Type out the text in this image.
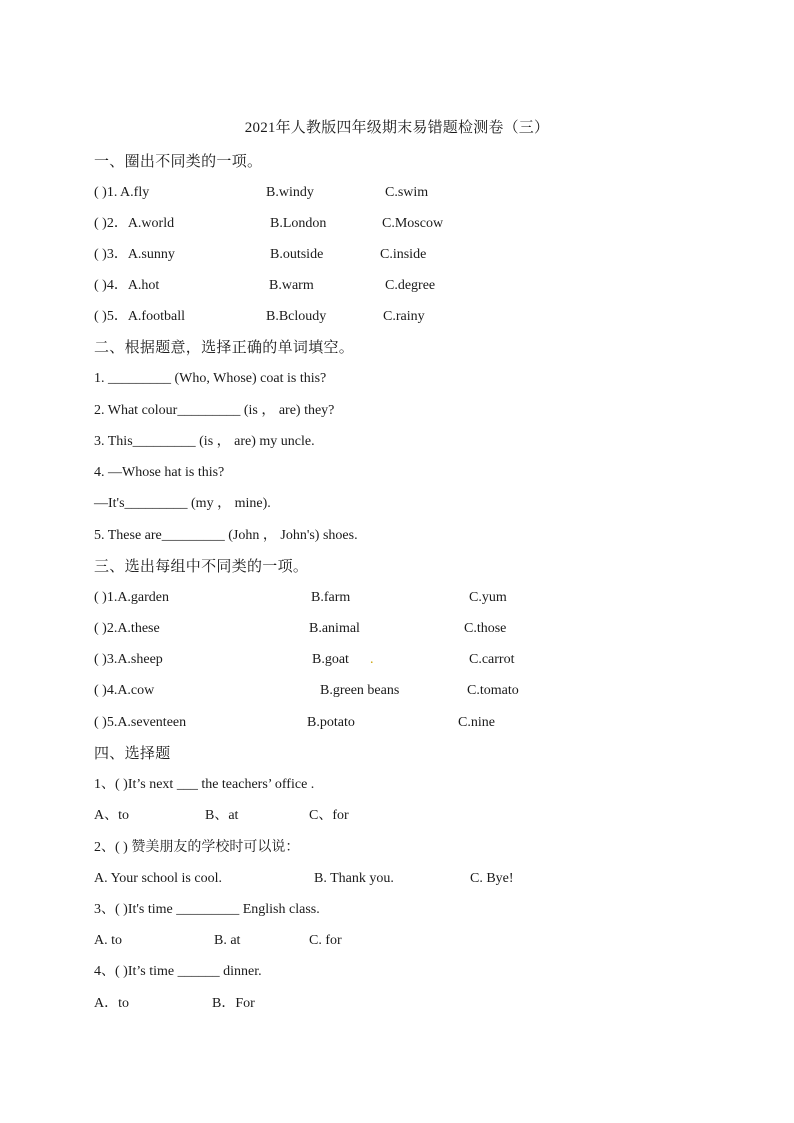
2021年人教版四年级期末易错题检测卷（三）
一、圈出不同类的一项。
( )1. A.fly	B.windy	C.swim
( )2．A.world	B.London	C.Moscow
( )3．A.sunny	B.outside	C.inside
( )4．A.hot	B.warm	C.degree
( )5．A.football	B.Bcloudy	C.rainy
二、根据题意，选择正确的单词填空。
1. _________ (Who, Whose) coat is this?
2. What colour_________ (is ， are) they?
3. This_________ (is ， are) my uncle.
4. —Whose hat is this?
—It's_________ (my ， mine).
5. These are_________ (John ， John's) shoes.
三、选出每组中不同类的一项。
( )1.A.garden	B.farm	C.yum
( )2.A.these	B.animal	C.those
( )3.A.sheep	B.goat .	C.carrot
( )4.A.cow	B.green beans	C.tomato
( )5.A.seventeen	B.potato	C.nine
四、选择题
1、( )It’s next ___ the teachers’ office .
A、to	B、at	C、for
2、( ) 赞美朋友的学校时可以说：
A. Your school is cool.	B. Thank you.	C. Bye!
3、( )It's time _________ English class.
A. to	B. at	C. for
4、( )It’s time ______ dinner.
A．to	B．For
